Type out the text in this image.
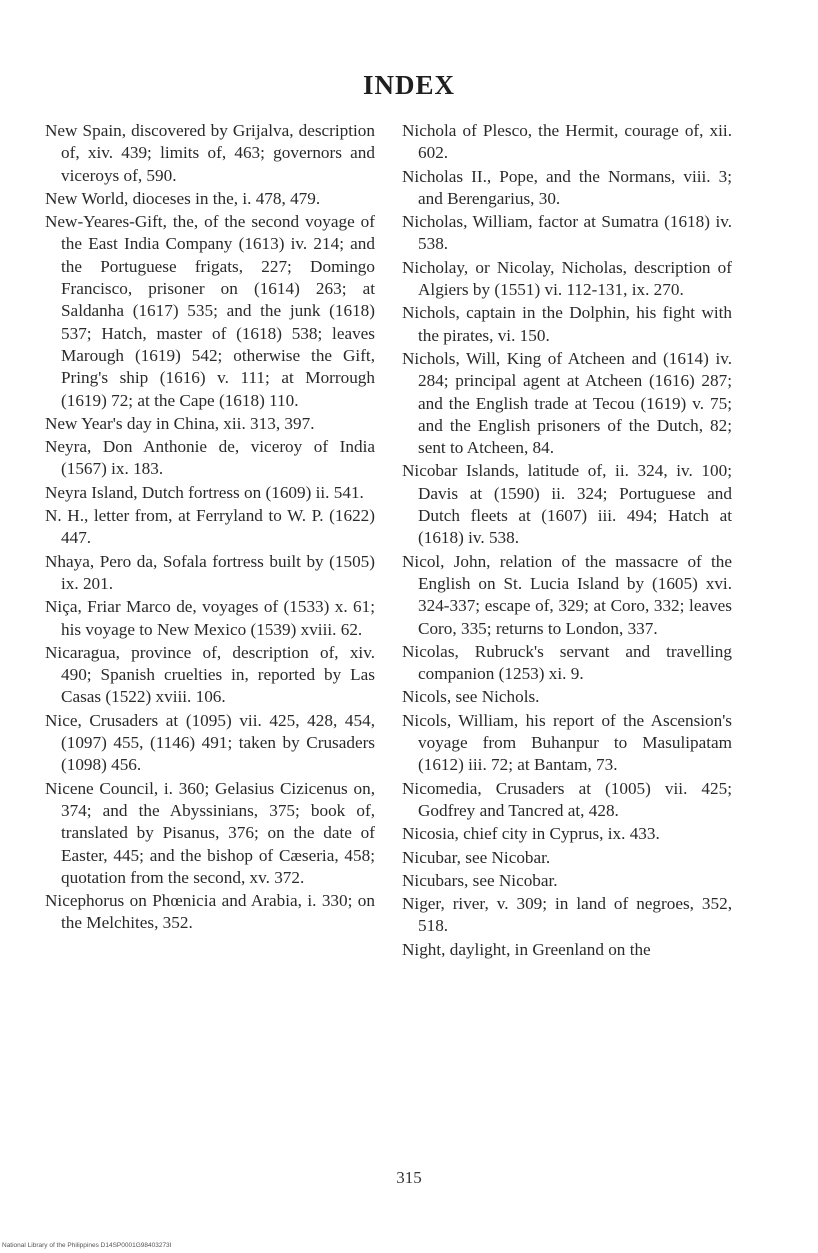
INDEX

New Spain, discovered by Grijalva, description of, xiv. 439; limits of, 463; governors and viceroys of, 590.

New World, dioceses in the, i. 478, 479.

New-Yeares-Gift, the, of the second voyage of the East India Company (1613) iv. 214; and the Portuguese frigats, 227; Domingo Francisco, prisoner on (1614) 263; at Saldanha (1617) 535; and the junk (1618) 537; Hatch, master of (1618) 538; leaves Marough (1619) 542; otherwise the Gift, Pring's ship (1616) v. 111; at Morrough (1619) 72; at the Cape (1618) 110.

New Year's day in China, xii. 313, 397.

Neyra, Don Anthonie de, viceroy of India (1567) ix. 183.

Neyra Island, Dutch fortress on (1609) ii. 541.

N. H., letter from, at Ferryland to W. P. (1622) 447.

Nhaya, Pero da, Sofala fortress built by (1505) ix. 201.

Niça, Friar Marco de, voyages of (1533) x. 61; his voyage to New Mexico (1539) xviii. 62.

Nicaragua, province of, description of, xiv. 490; Spanish cruelties in, reported by Las Casas (1522) xviii. 106.

Nice, Crusaders at (1095) vii. 425, 428, 454, (1097) 455, (1146) 491; taken by Crusaders (1098) 456.

Nicene Council, i. 360; Gelasius Cizicenus on, 374; and the Abyssinians, 375; book of, translated by Pisanus, 376; on the date of Easter, 445; and the bishop of Cæseria, 458; quotation from the second, xv. 372.

Nicephorus on Phœnicia and Arabia, i. 330; on the Melchites, 352.

Nichola of Plesco, the Hermit, courage of, xii. 602.

Nicholas II., Pope, and the Normans, viii. 3; and Berengarius, 30.

Nicholas, William, factor at Sumatra (1618) iv. 538.

Nicholay, or Nicolay, Nicholas, description of Algiers by (1551) vi. 112-131, ix. 270.

Nichols, captain in the Dolphin, his fight with the pirates, vi. 150.

Nichols, Will, King of Atcheen and (1614) iv. 284; principal agent at Atcheen (1616) 287; and the English trade at Tecou (1619) v. 75; and the English prisoners of the Dutch, 82; sent to Atcheen, 84.

Nicobar Islands, latitude of, ii. 324, iv. 100; Davis at (1590) ii. 324; Portuguese and Dutch fleets at (1607) iii. 494; Hatch at (1618) iv. 538.

Nicol, John, relation of the massacre of the English on St. Lucia Island by (1605) xvi. 324-337; escape of, 329; at Coro, 332; leaves Coro, 335; returns to London, 337.

Nicolas, Rubruck's servant and travelling companion (1253) xi. 9.

Nicols, see Nichols.

Nicols, William, his report of the Ascension's voyage from Buhanpur to Masulipatam (1612) iii. 72; at Bantam, 73.

Nicomedia, Crusaders at (1005) vii. 425; Godfrey and Tancred at, 428.

Nicosia, chief city in Cyprus, ix. 433.

Nicubar, see Nicobar.

Nicubars, see Nicobar.

Niger, river, v. 309; in land of negroes, 352, 518.

Night, daylight, in Greenland on the

315
National Library of the Philippines D14SP0001G98403273I
